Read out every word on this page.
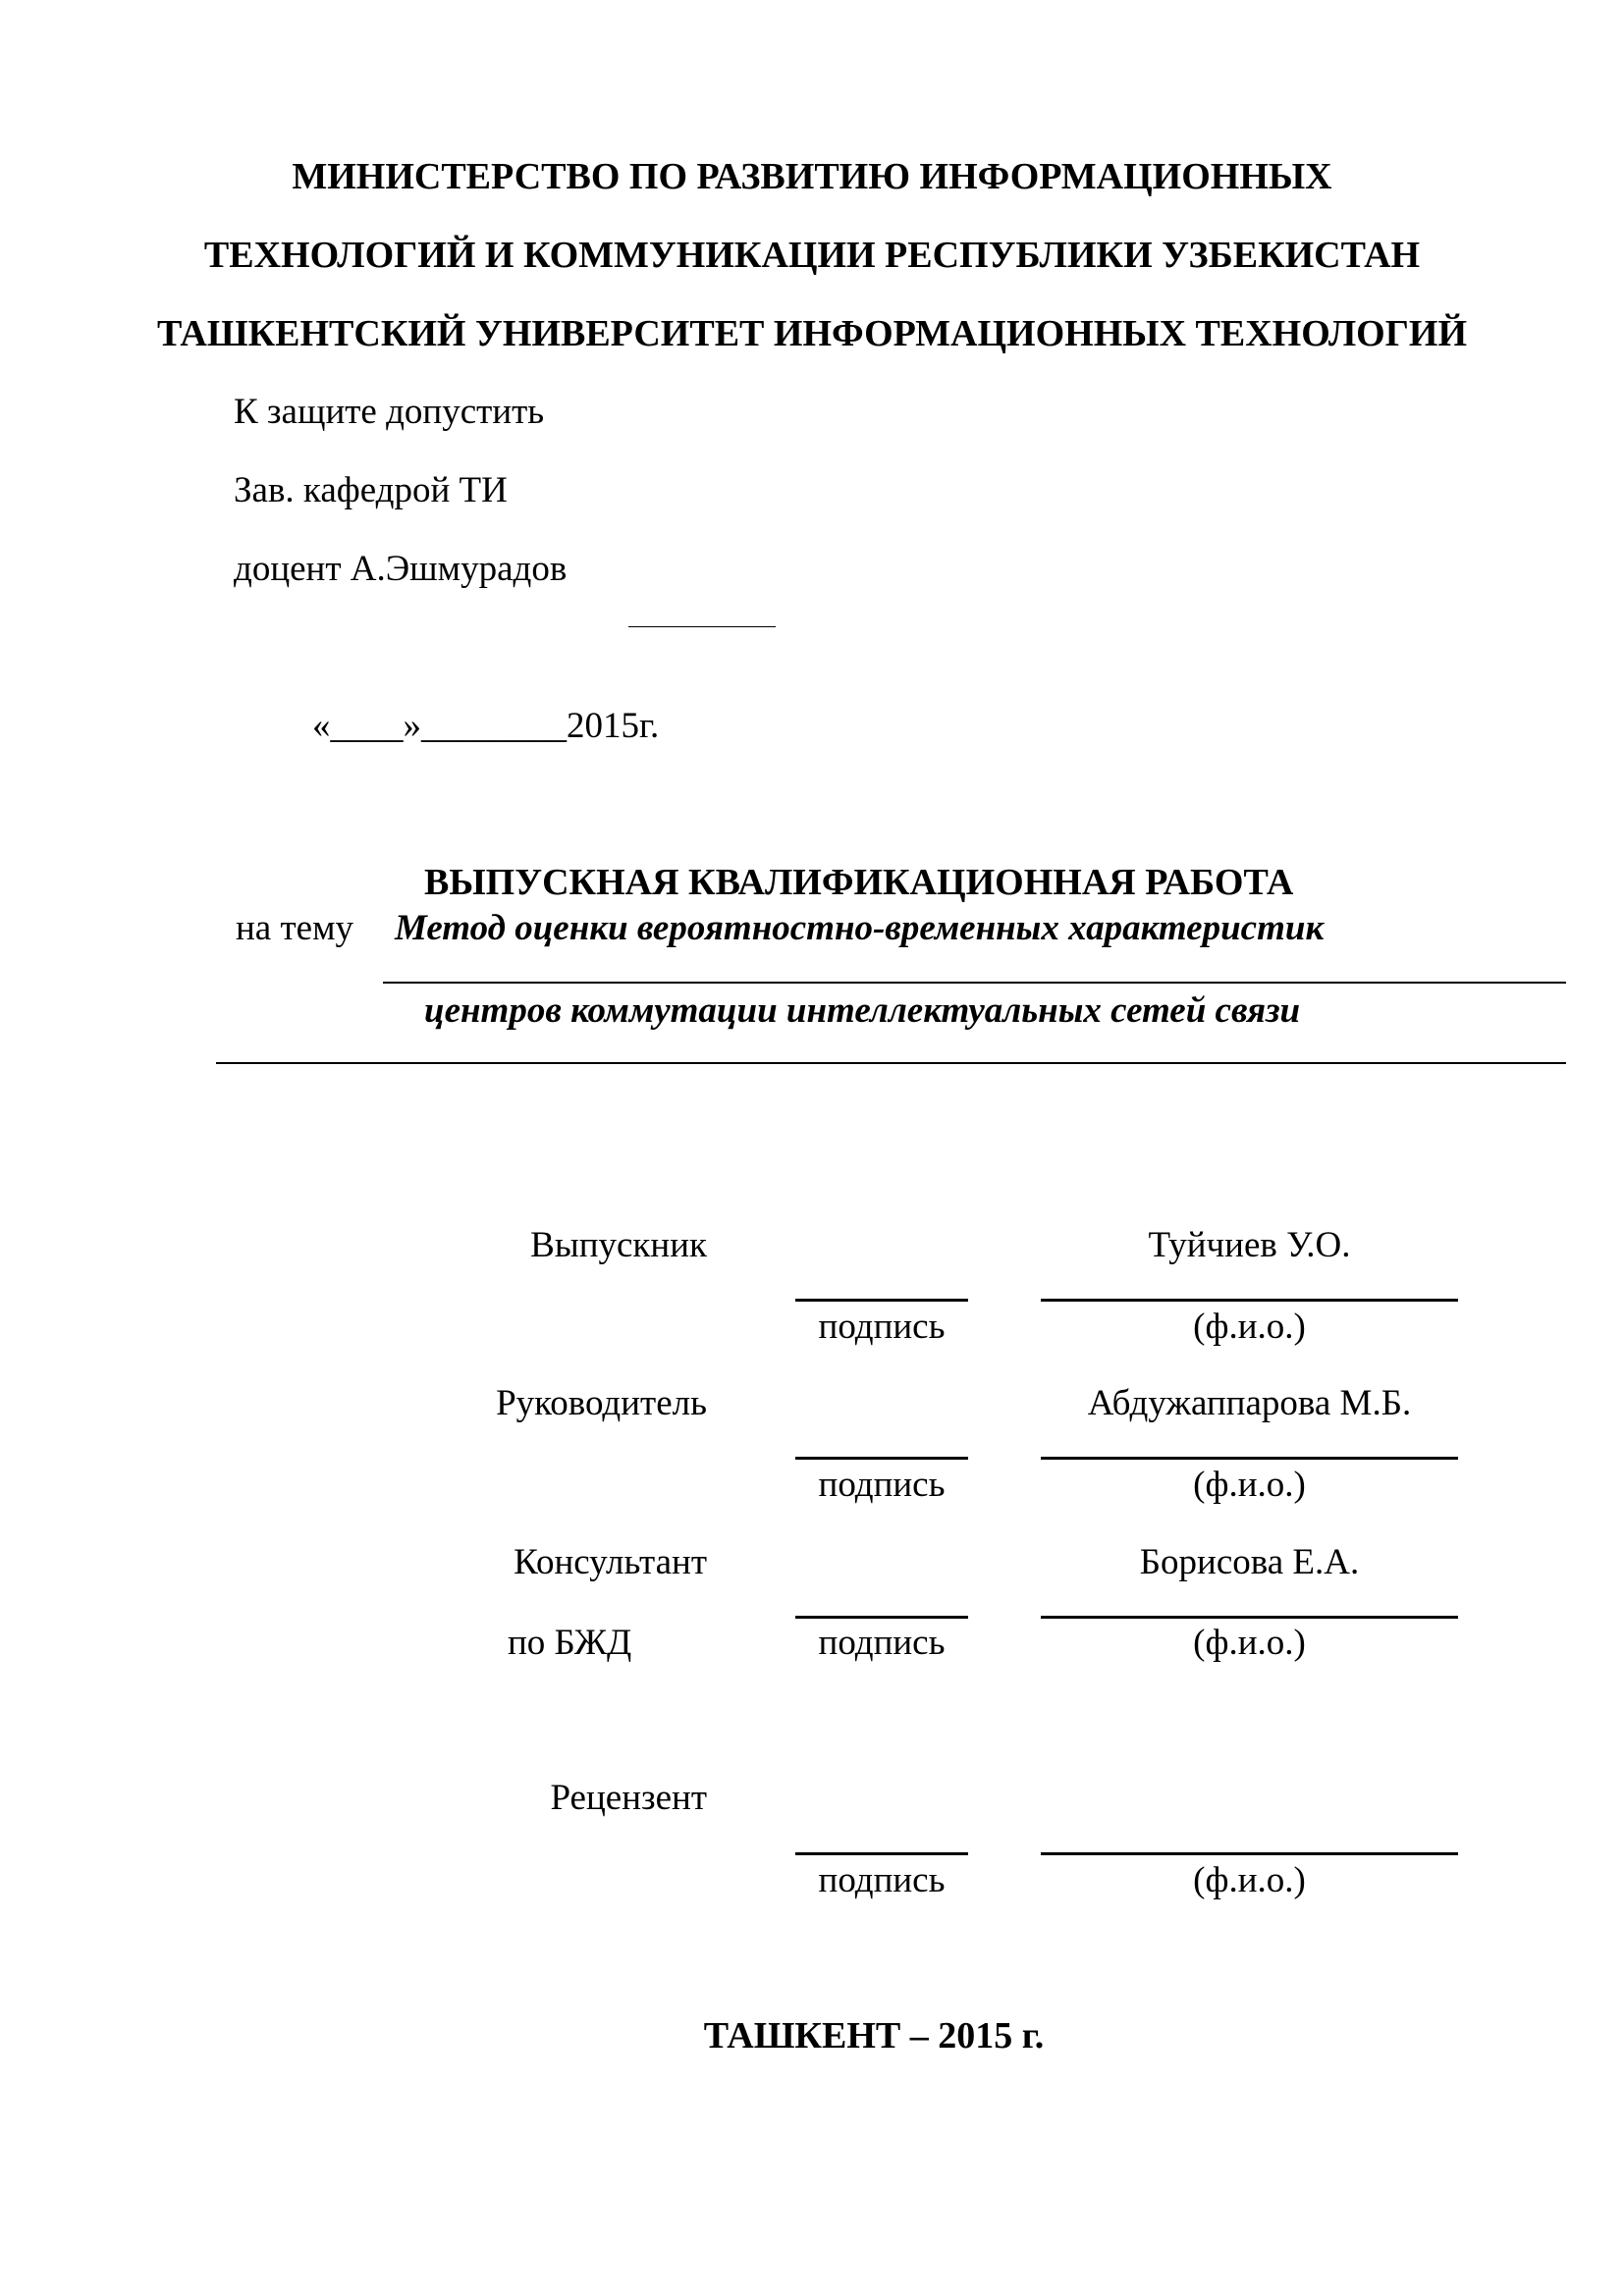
МИНИСТЕРСТВО ПО РАЗВИТИЮ ИНФОРМАЦИОННЫХ
ТЕХНОЛОГИЙ И КОММУНИКАЦИИ РЕСПУБЛИКИ УЗБЕКИСТАН
ТАШКЕНТСКИЙ УНИВЕРСИТЕТ ИНФОРМАЦИОННЫХ ТЕХНОЛОГИЙ
К защите допустить
Зав. кафедрой ТИ
доцент А.Эшмурадов
«____»________2015г.
ВЫПУСКНАЯ КВАЛИФИКАЦИОННАЯ РАБОТА
на тему Метод оценки вероятностно-временных характеристик
центров коммутации интеллектуальных сетей связи
Выпускник	Туйчиев У.О.
подпись	(ф.и.о.)
Руководитель	Абдужаппарова М.Б.
подпись	(ф.и.о.)
Консультант	Борисова Е.А.
по БЖД	подпись	(ф.и.о.)
Рецензент
подпись	(ф.и.о.)
ТАШКЕНТ – 2015 г.
